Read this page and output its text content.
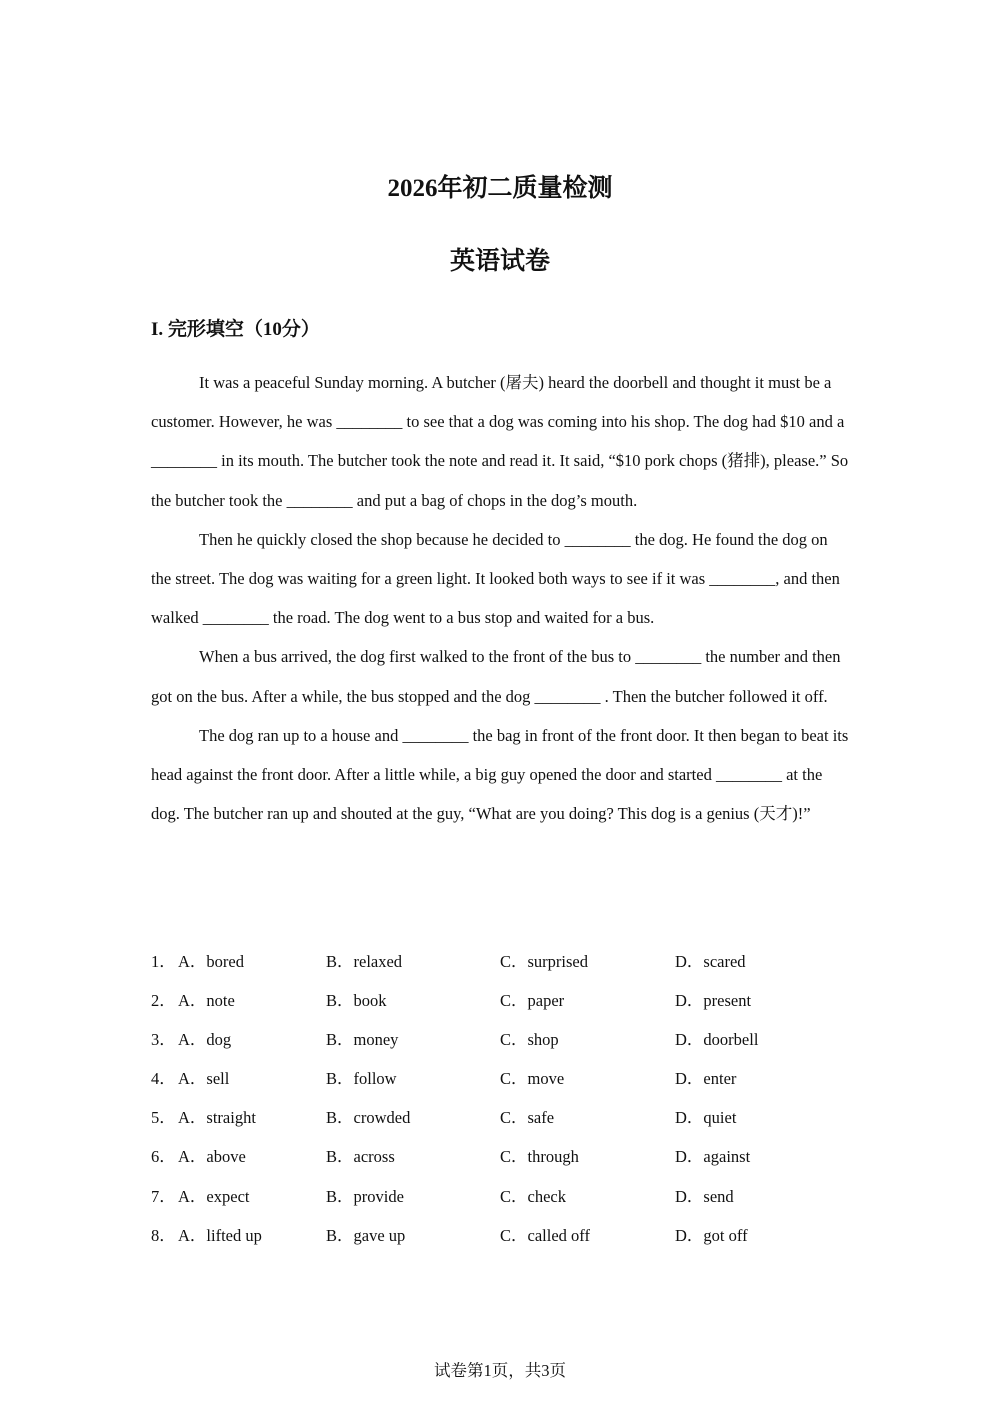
2026年初二质量检测
英语试卷
I. 完形填空（10分）

It was a peaceful Sunday morning. A butcher (屠夫) heard the doorbell and thought it must be a customer. However, he was ________ to see that a dog was coming into his shop. The dog had $10 and a ________ in its mouth. The butcher took the note and read it. It said, “$10 pork chops (猪排), please.” So the butcher took the ________ and put a bag of chops in the dog’s mouth.

Then he quickly closed the shop because he decided to ________ the dog. He found the dog on the street. The dog was waiting for a green light. It looked both ways to see if it was ________, and then walked ________ the road. The dog went to a bus stop and waited for a bus.

When a bus arrived, the dog first walked to the front of the bus to ________ the number and then got on the bus. After a while, the bus stopped and the dog ________ . Then the butcher followed it off.

The dog ran up to a house and ________ the bag in front of the front door. It then began to beat its head against the front door. After a little while, a big guy opened the door and started ________ at the dog. The butcher ran up and shouted at the guy, “What are you doing? This dog is a genius (天才)!”

1． A．bored	B．relaxed	C．surprised	D．scared
2． A．note	B．book	C．paper	D．present
3． A．dog	B．money	C．shop	D．doorbell
4． A．sell	B．follow	C．move	D．enter
5． A．straight	B．crowded	C．safe	D．quiet
6． A．above	B．across	C．through	D．against
7． A．expect	B．provide	C．check	D．send
8． A．lifted up	B．gave up	C．called off	D．got off
试卷第1页，共3页
